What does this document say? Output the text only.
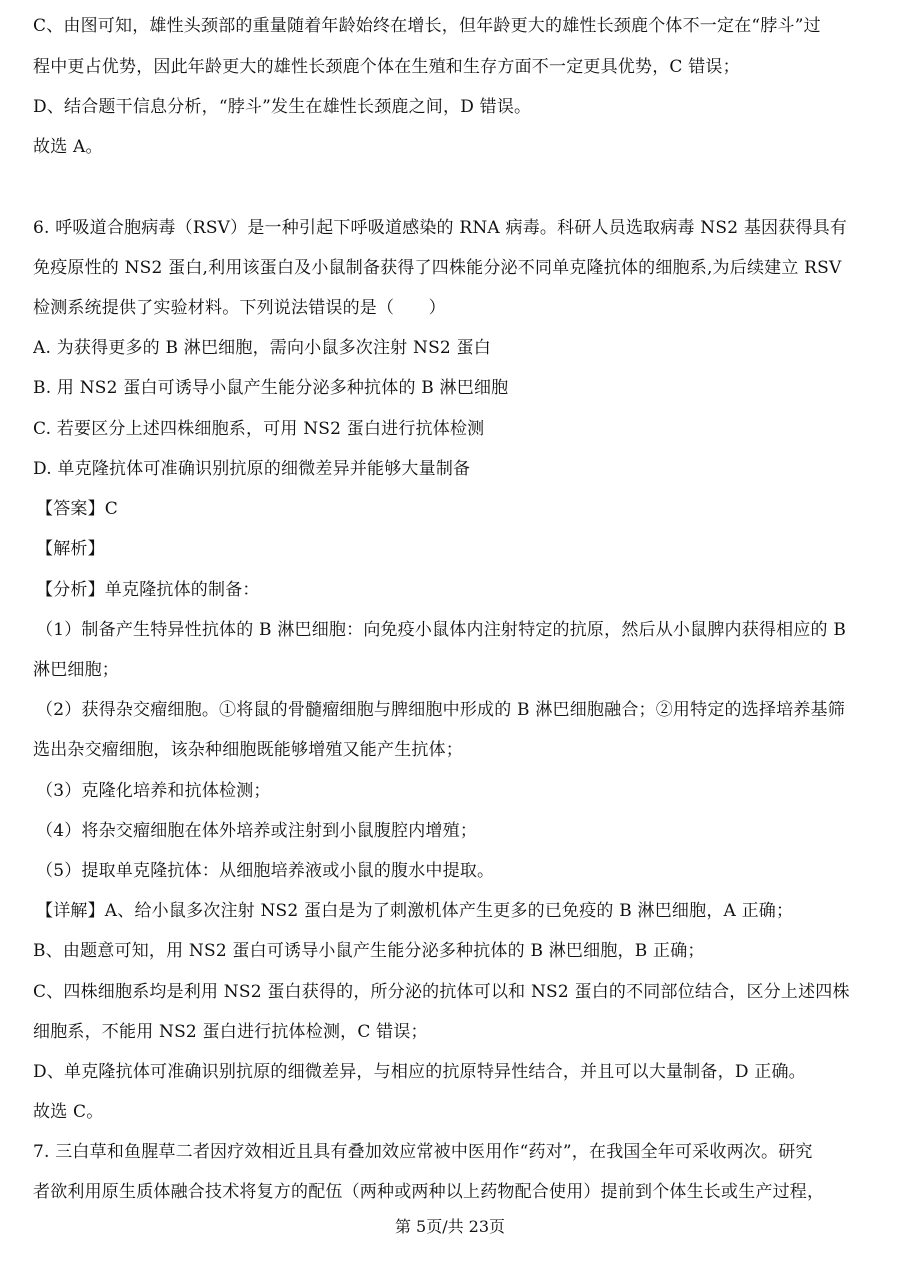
C、由图可知，雄性头颈部的重量随着年龄始终在增长，但年龄更大的雄性长颈鹿个体不一定在“脖斗”过
程中更占优势，因此年龄更大的雄性长颈鹿个体在生殖和生存方面不一定更具优势，C 错误；
D、结合题干信息分析，“脖斗”发生在雄性长颈鹿之间，D 错误。
故选 A。
6. 呼吸道合胞病毒（RSV）是一种引起下呼吸道感染的 RNA 病毒。科研人员选取病毒 NS2 基因获得具有
免疫原性的 NS2 蛋白,利用该蛋白及小鼠制备获得了四株能分泌不同单克隆抗体的细胞系,为后续建立 RSV
检测系统提供了实验材料。下列说法错误的是（　　）
A. 为获得更多的 B 淋巴细胞，需向小鼠多次注射 NS2 蛋白
B. 用 NS2 蛋白可诱导小鼠产生能分泌多种抗体的 B 淋巴细胞
C. 若要区分上述四株细胞系，可用 NS2 蛋白进行抗体检测
D. 单克隆抗体可准确识别抗原的细微差异并能够大量制备
【答案】C
【解析】
【分析】单克隆抗体的制备：
（1）制备产生特异性抗体的 B 淋巴细胞：向免疫小鼠体内注射特定的抗原，然后从小鼠脾内获得相应的 B
淋巴细胞；
（2）获得杂交瘤细胞。①将鼠的骨髓瘤细胞与脾细胞中形成的 B 淋巴细胞融合；②用特定的选择培养基筛
选出杂交瘤细胞，该杂种细胞既能够增殖又能产生抗体；
（3）克隆化培养和抗体检测；
（4）将杂交瘤细胞在体外培养或注射到小鼠腹腔内增殖；
（5）提取单克隆抗体：从细胞培养液或小鼠的腹水中提取。
【详解】A、给小鼠多次注射 NS2 蛋白是为了刺激机体产生更多的已免疫的 B 淋巴细胞，A 正确；
B、由题意可知，用 NS2 蛋白可诱导小鼠产生能分泌多种抗体的 B 淋巴细胞，B 正确；
C、四株细胞系均是利用 NS2 蛋白获得的，所分泌的抗体可以和 NS2 蛋白的不同部位结合，区分上述四株
细胞系，不能用 NS2 蛋白进行抗体检测，C 错误；
D、单克隆抗体可准确识别抗原的细微差异，与相应的抗原特异性结合，并且可以大量制备，D 正确。
故选 C。
7. 三白草和鱼腥草二者因疗效相近且具有叠加效应常被中医用作“药对”，在我国全年可采收两次。研究
者欲利用原生质体融合技术将复方的配伍（两种或两种以上药物配合使用）提前到个体生长或生产过程，
第 5页/共 23页
